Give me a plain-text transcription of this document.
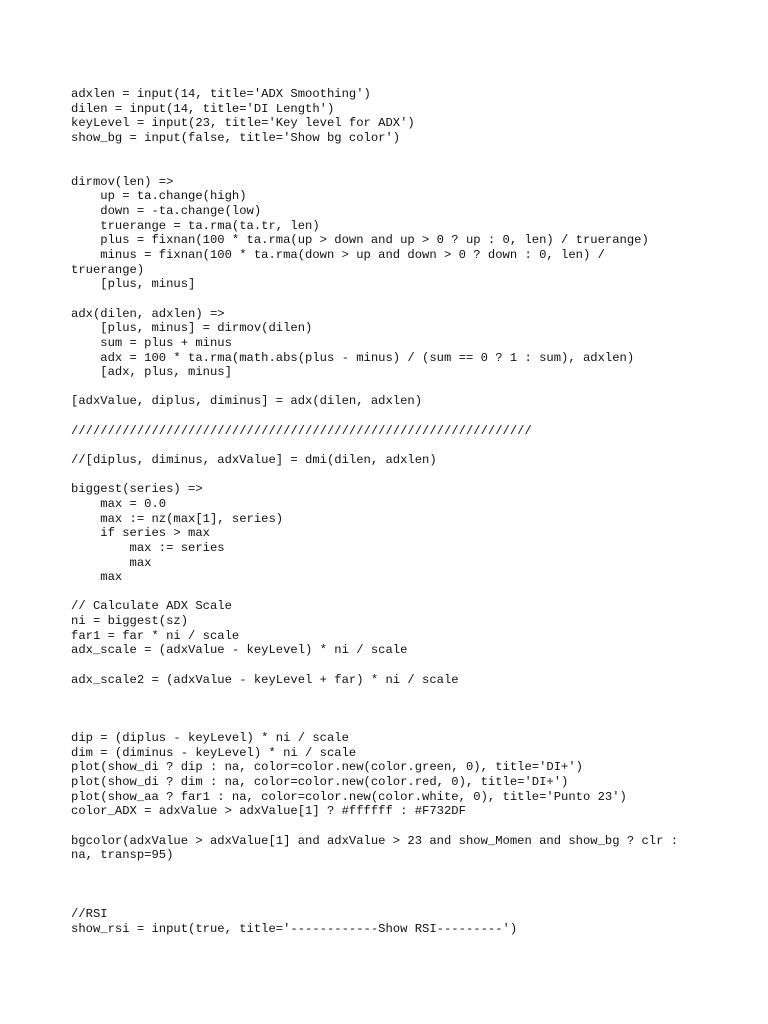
adxlen = input(14, title='ADX Smoothing')
dilen = input(14, title='DI Length')
keyLevel = input(23, title='Key level for ADX')
show_bg = input(false, title='Show bg color')
dirmov(len) =>
up = ta.change(high)
down = -ta.change(low)
truerange = ta.rma(ta.tr, len)
plus = fixnan(100 * ta.rma(up > down and up > 0 ? up : 0, len) / truerange)
minus = fixnan(100 * ta.rma(down > up and down > 0 ? down : 0, len) /
truerange)
[plus, minus]
adx(dilen, adxlen) =>
[plus, minus] = dirmov(dilen)
sum = plus + minus
adx = 100 * ta.rma(math.abs(plus - minus) / (sum == 0 ? 1 : sum), adxlen)
[adx, plus, minus]
[adxValue, diplus, diminus] = adx(dilen, adxlen)
///////////////////////////////////////////////////////////////
//[diplus, diminus, adxValue] = dmi(dilen, adxlen)
biggest(series) =>
max = 0.0
max := nz(max[1], series)
if series > max
max := series
max
max
// Calculate ADX Scale
ni = biggest(sz)
far1 = far * ni / scale
adx_scale = (adxValue - keyLevel) * ni / scale
adx_scale2 = (adxValue - keyLevel + far) * ni / scale
dip = (diplus - keyLevel) * ni / scale
dim = (diminus - keyLevel) * ni / scale
plot(show_di ? dip : na, color=color.new(color.green, 0), title='DI+')
plot(show_di ? dim : na, color=color.new(color.red, 0), title='DI+')
plot(show_aa ? far1 : na, color=color.new(color.white, 0), title='Punto 23')
color_ADX = adxValue > adxValue[1] ? #ffffff : #F732DF
bgcolor(adxValue > adxValue[1] and adxValue > 23 and show_Momen and show_bg ? clr :
na, transp=95)
//RSI
show_rsi = input(true, title='------------Show RSI---------')
